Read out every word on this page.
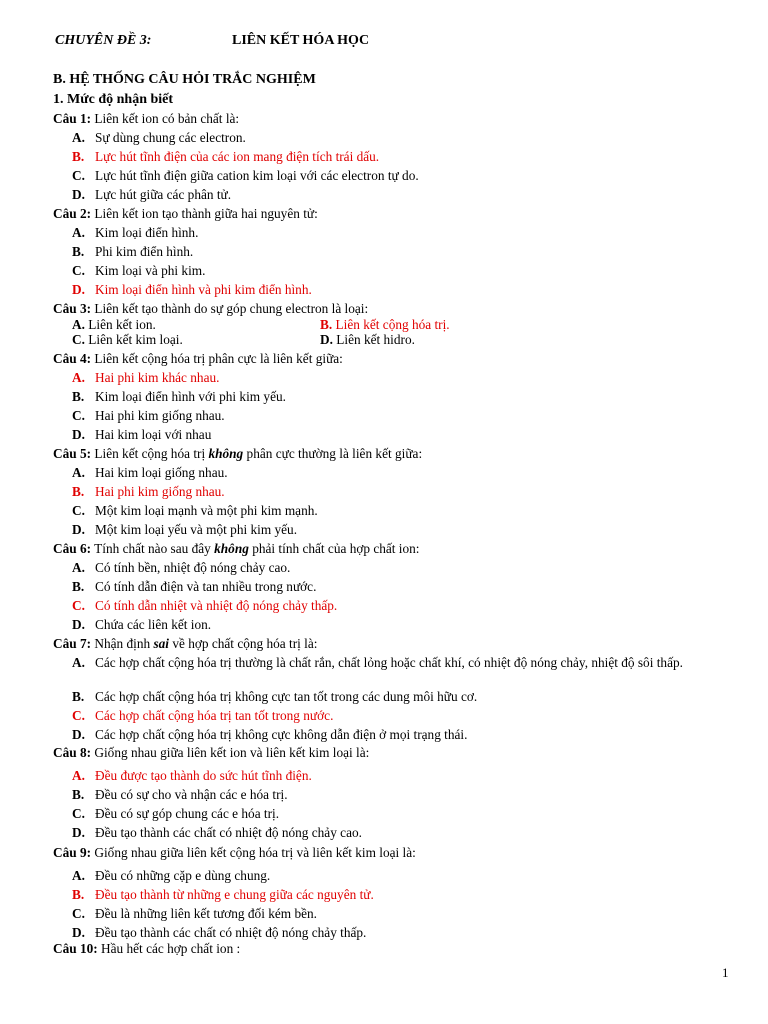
CHUYÊN ĐỀ 3:	LIÊN KẾT HÓA HỌC
B. HỆ THỐNG CÂU HỎI TRẮC NGHIỆM
1. Mức độ nhận biết
Câu 1: Liên kết ion có bản chất là:
A. Sự dùng chung các electron.
B. Lực hút tĩnh điện của các ion mang điện tích trái dấu.
C. Lực hút tĩnh điện giữa cation kim loại với các electron tự do.
D. Lực hút giữa các phân tử.
Câu 2: Liên kết ion tạo thành giữa hai nguyên tử:
A. Kim loại điển hình.
B. Phi kim điển hình.
C. Kim loại và phi kim.
D. Kim loại điển hình và phi kim điển hình.
Câu 3: Liên kết tạo thành do sự góp chung electron là loại:
A. Liên kết ion.	B. Liên kết cộng hóa trị.
C. Liên kết kim loại.	D. Liên kết hidro.
Câu 4: Liên kết cộng hóa trị phân cực là liên kết giữa:
A. Hai phi kim khác nhau.
B. Kim loại điển hình với phi kim yếu.
C. Hai phi kim giống nhau.
D. Hai kim loại với nhau
Câu 5: Liên kết cộng hóa trị không phân cực thường là liên kết giữa:
A. Hai kim loại giống nhau.
B. Hai phi kim giống nhau.
C. Một kim loại mạnh và một phi kim mạnh.
D. Một kim loại yếu và một phi kim yếu.
Câu 6: Tính chất nào sau đây không phải tính chất của hợp chất ion:
A. Có tính bền, nhiệt độ nóng chảy cao.
B. Có tính dẫn điện và tan nhiều trong nước.
C. Có tính dẫn nhiệt và nhiệt độ nóng chảy thấp.
D. Chứa các liên kết ion.
Câu 7: Nhận định sai về hợp chất cộng hóa trị là:
A. Các hợp chất cộng hóa trị thường là chất rắn, chất lỏng hoặc chất khí, có nhiệt độ nóng chảy, nhiệt độ sôi thấp.
B. Các hợp chất cộng hóa trị không cực tan tốt trong các dung môi hữu cơ.
C. Các hợp chất cộng hóa trị tan tốt trong nước.
D. Các hợp chất cộng hóa trị không cực không dẫn điện ở mọi trạng thái.
Câu 8: Giống nhau giữa liên kết ion và liên kết kim loại là:
A. Đều được tạo thành do sức hút tĩnh điện.
B. Đều có sự cho và nhận các e hóa trị.
C. Đều có sự góp chung các e hóa trị.
D. Đều tạo thành các chất có nhiệt độ nóng chảy cao.
Câu 9: Giống nhau giữa liên kết cộng hóa trị và liên kết kim loại là:
A. Đều có những cặp e dùng chung.
B. Đều tạo thành từ những e chung giữa các nguyên tử.
C. Đều là những liên kết tương đối kém bền.
D. Đều tạo thành các chất có nhiệt độ nóng chảy thấp.
Câu 10: Hầu hết các hợp chất ion :
1
